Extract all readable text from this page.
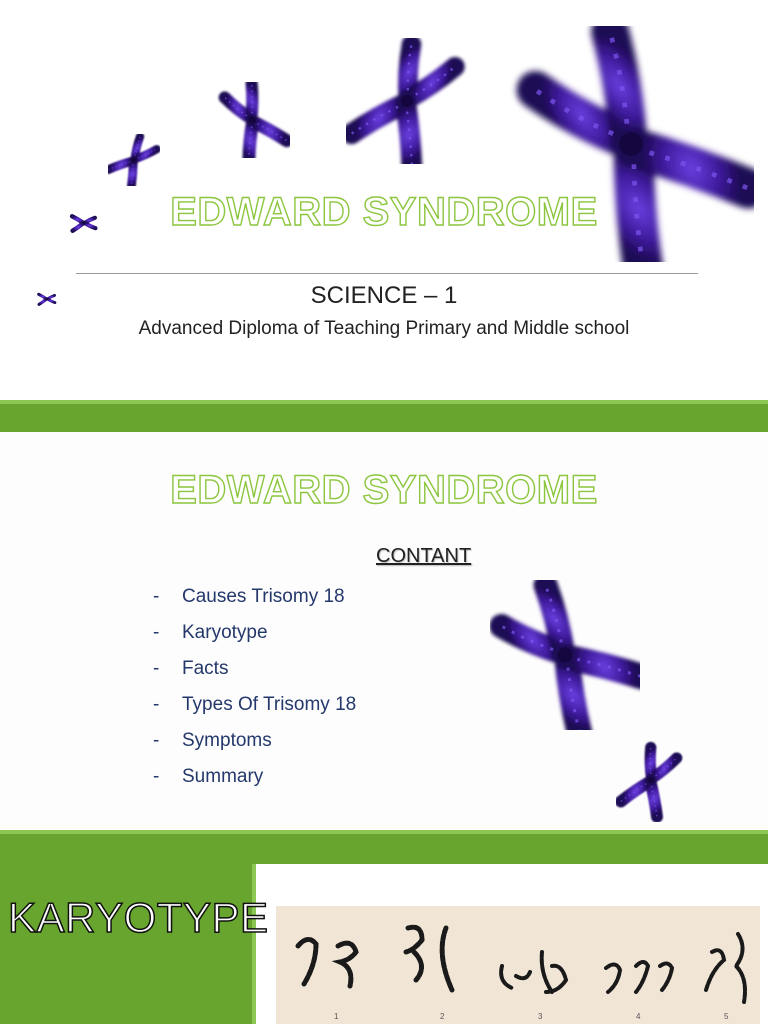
EDWARD SYNDROME
SCIENCE – 1
Advanced Diploma of Teaching Primary and Middle school
EDWARD SYNDROME
CONTANT
-	Causes Trisomy 18
-	Karyotype
-	Facts
-	Types Of Trisomy 18
-	Symptoms
-	Summary
KARYOTYPE
1	2	3	4	5
